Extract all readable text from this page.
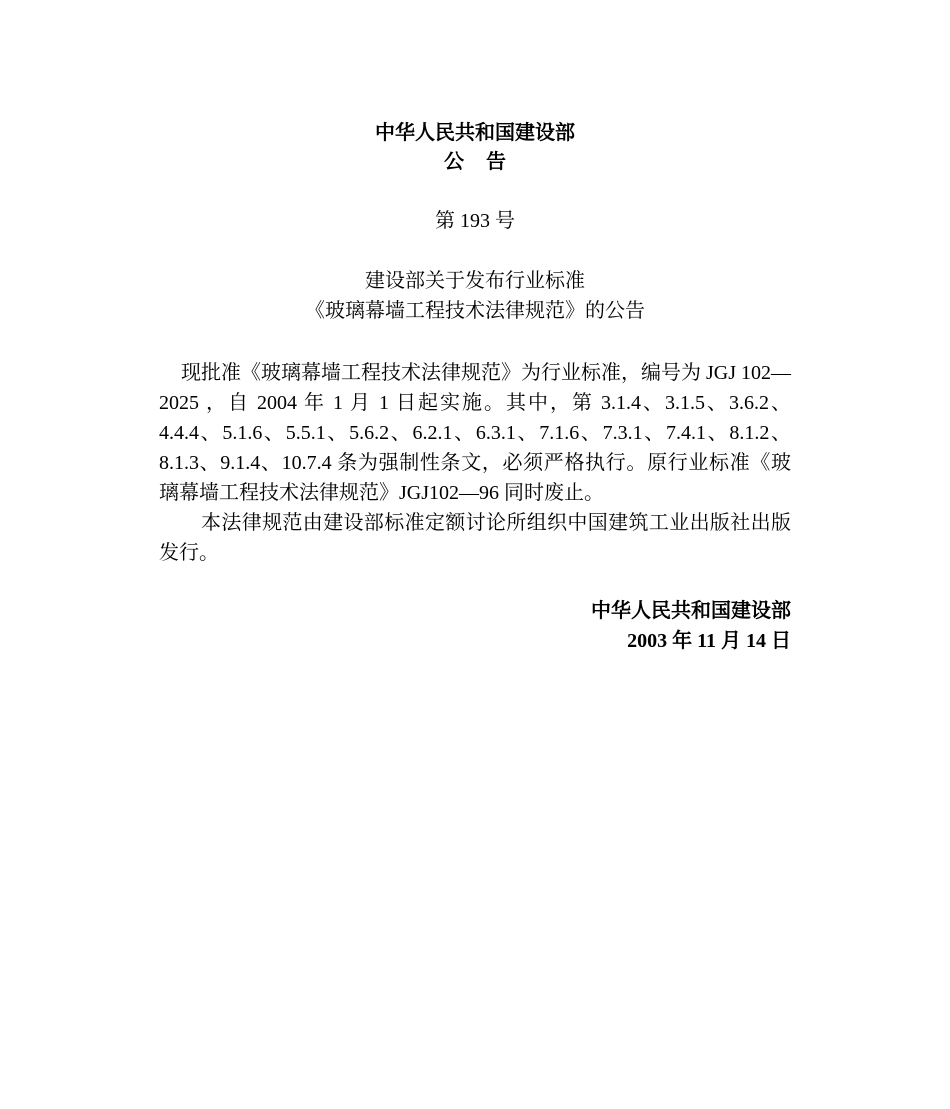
中华人民共和国建设部
公 告
第 193 号
建设部关于发布行业标准
《玻璃幕墙工程技术法律规范》的公告

现批准《玻璃幕墙工程技术法律规范》为行业标准，编号为 JGJ 102—2025 ，自 2004 年 1 月 1 日起实施。其中，第 3.1.4、3.1.5、3.6.2、4.4.4、5.1.6、5.5.1、5.6.2、6.2.1、6.3.1、7.1.6、7.3.1、7.4.1、8.1.2、8.1.3、9.1.4、10.7.4 条为强制性条文，必须严格执行。原行业标准《玻璃幕墙工程技术法律规范》JGJ102—96 同时废止。

本法律规范由建设部标准定额讨论所组织中国建筑工业出版社出版发行。

中华人民共和国建设部
2003 年 11 月 14 日
